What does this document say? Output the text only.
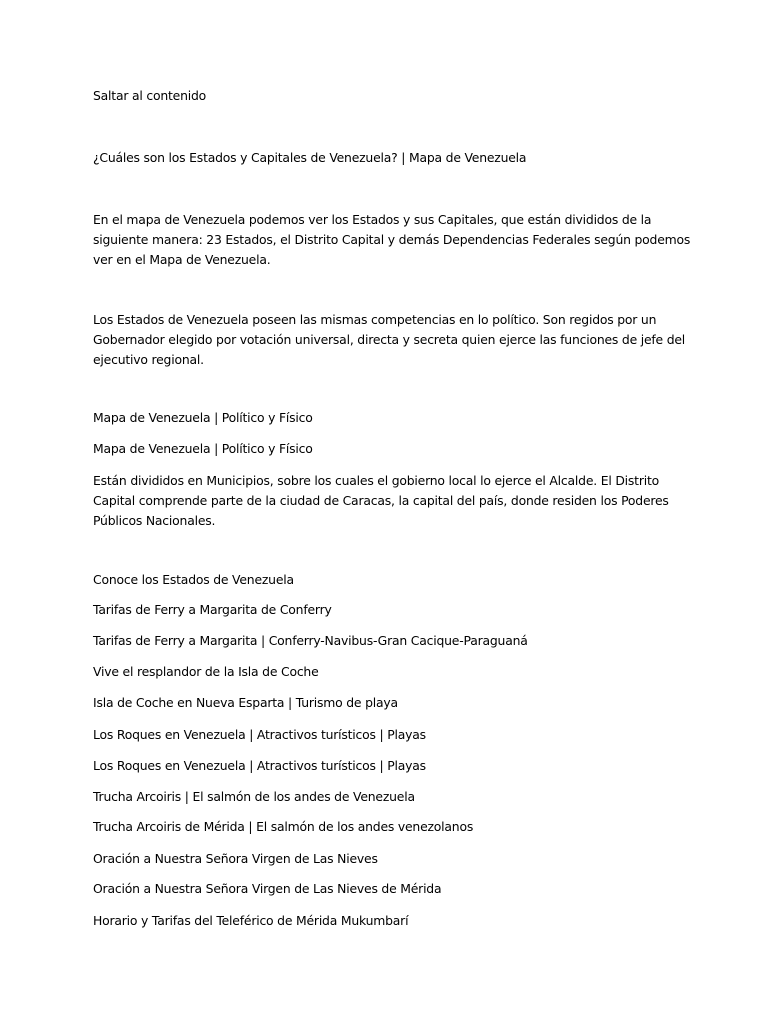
Saltar al contenido

¿Cuáles son los Estados y Capitales de Venezuela? | Mapa de Venezuela

En el mapa de Venezuela podemos ver los Estados y sus Capitales, que están divididos de la
siguiente manera: 23 Estados, el Distrito Capital y demás Dependencias Federales según podemos
ver en el Mapa de Venezuela.
Los Estados de Venezuela poseen las mismas competencias en lo político. Son regidos por un
Gobernador elegido por votación universal, directa y secreta quien ejerce las funciones de jefe del
ejecutivo regional.

Mapa de Venezuela | Político y Físico

Mapa de Venezuela | Político y Físico

Están divididos en Municipios, sobre los cuales el gobierno local lo ejerce el Alcalde. El Distrito
Capital comprende parte de la ciudad de Caracas, la capital del país, donde residen los Poderes
Públicos Nacionales.

Conoce los Estados de Venezuela

Tarifas de Ferry a Margarita de Conferry

Tarifas de Ferry a Margarita | Conferry-Navibus-Gran Cacique-Paraguaná

Vive el resplandor de la Isla de Coche

Isla de Coche en Nueva Esparta | Turismo de playa

Los Roques en Venezuela | Atractivos turísticos | Playas

Los Roques en Venezuela | Atractivos turísticos | Playas

Trucha Arcoiris | El salmón de los andes de Venezuela

Trucha Arcoiris de Mérida | El salmón de los andes venezolanos

Oración a Nuestra Señora Virgen de Las Nieves

Oración a Nuestra Señora Virgen de Las Nieves de Mérida

Horario y Tarifas del Teleférico de Mérida Mukumbarí
